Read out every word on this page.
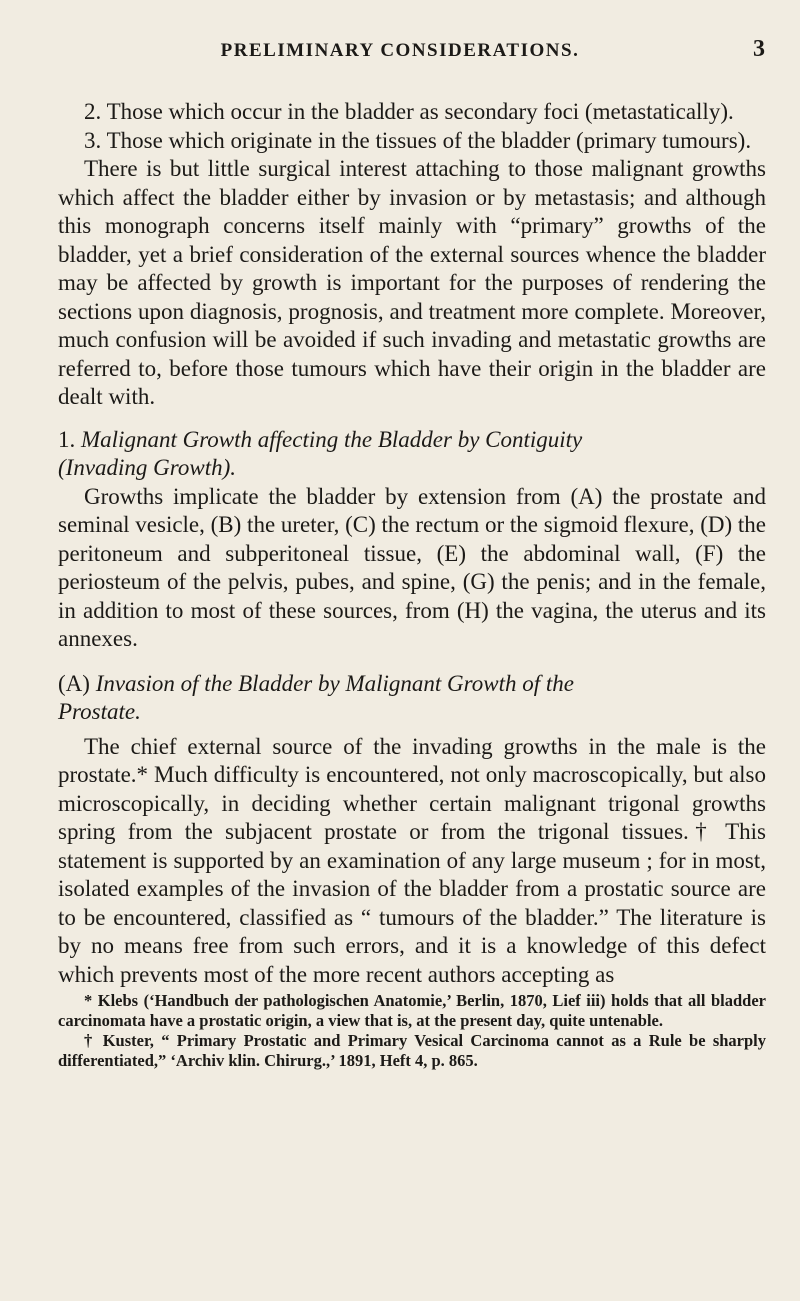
PRELIMINARY CONSIDERATIONS.	3

2. Those which occur in the bladder as secondary foci (metastatically).

3. Those which originate in the tissues of the bladder (primary tumours).

There is but little surgical interest attaching to those malignant growths which affect the bladder either by invasion or by metastasis; and although this monograph concerns itself mainly with “primary” growths of the bladder, yet a brief consideration of the external sources whence the bladder may be affected by growth is important for the purposes of rendering the sections upon diagnosis, prognosis, and treatment more complete. Moreover, much confusion will be avoided if such invading and metastatic growths are referred to, before those tumours which have their origin in the bladder are dealt with.

1. Malignant Growth affecting the Bladder by Contiguity
(Invading Growth).

Growths implicate the bladder by extension from (A) the prostate and seminal vesicle, (B) the ureter, (C) the rectum or the sigmoid flexure, (D) the peritoneum and subperitoneal tissue, (E) the abdominal wall, (F) the periosteum of the pelvis, pubes, and spine, (G) the penis; and in the female, in addition to most of these sources, from (H) the vagina, the uterus and its annexes.

(A) Invasion of the Bladder by Malignant Growth of the
Prostate.

The chief external source of the invading growths in the male is the prostate.* Much difficulty is encountered, not only macroscopically, but also microscopically, in deciding whether certain malignant trigonal growths spring from the subjacent prostate or from the trigonal tissues.† This statement is supported by an examination of any large museum ; for in most, isolated examples of the invasion of the bladder from a prostatic source are to be encountered, classified as “ tumours of the bladder.” The literature is by no means free from such errors, and it is a knowledge of this defect which prevents most of the more recent authors accepting as

* Klebs (‘Handbuch der pathologischen Anatomie,’ Berlin, 1870, Lief iii) holds that all bladder carcinomata have a prostatic origin, a view that is, at the present day, quite untenable.

† Kuster, “ Primary Prostatic and Primary Vesical Carcinoma cannot as a Rule be sharply differentiated,” ‘Archiv klin. Chirurg.,’ 1891, Heft 4, p. 865.
